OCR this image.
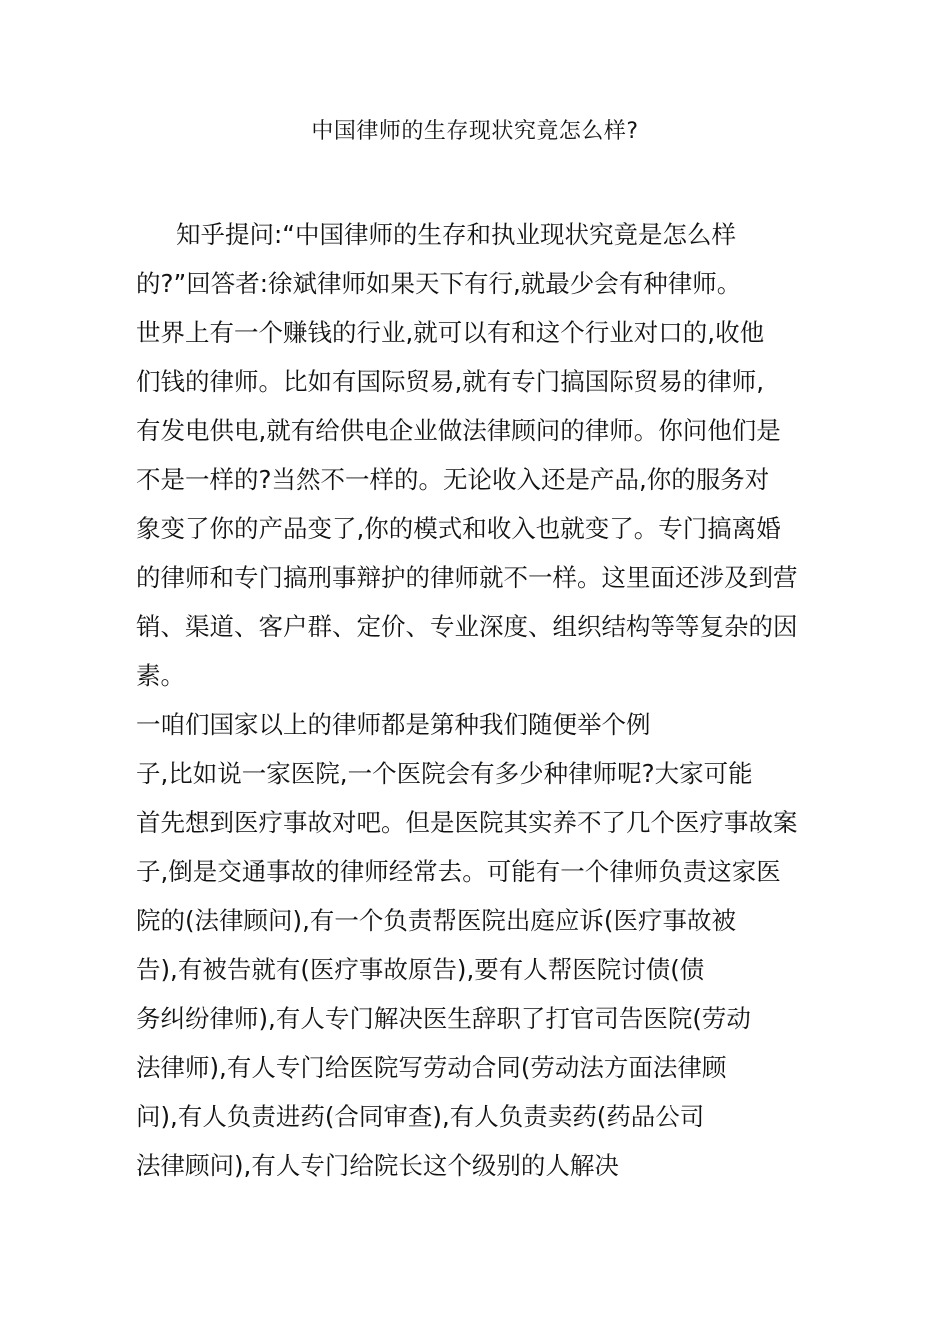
中国律师的生存现状究竟怎么样?
知乎提问:“中国律师的生存和执业现状究竟是怎么样
的?”回答者:徐斌律师如果天下有行,就最少会有种律师。
世界上有一个赚钱的行业,就可以有和这个行业对口的,收他
们钱的律师。比如有国际贸易,就有专门搞国际贸易的律师,
有发电供电,就有给供电企业做法律顾问的律师。你问他们是
不是一样的?当然不一样的。无论收入还是产品,你的服务对
象变了你的产品变了,你的模式和收入也就变了。专门搞离婚
的律师和专门搞刑事辩护的律师就不一样。这里面还涉及到营
销、渠道、客户群、定价、专业深度、组织结构等等复杂的因
素。
一咱们国家以上的律师都是第种我们随便举个例
子,比如说一家医院,一个医院会有多少种律师呢?大家可能
首先想到医疗事故对吧。但是医院其实养不了几个医疗事故案
子,倒是交通事故的律师经常去。可能有一个律师负责这家医
院的(法律顾问),有一个负责帮医院出庭应诉(医疗事故被
告),有被告就有(医疗事故原告),要有人帮医院讨债(债
务纠纷律师),有人专门解决医生辞职了打官司告医院(劳动
法律师),有人专门给医院写劳动合同(劳动法方面法律顾
问),有人负责进药(合同审查),有人负责卖药(药品公司
法律顾问),有人专门给院长这个级别的人解决
